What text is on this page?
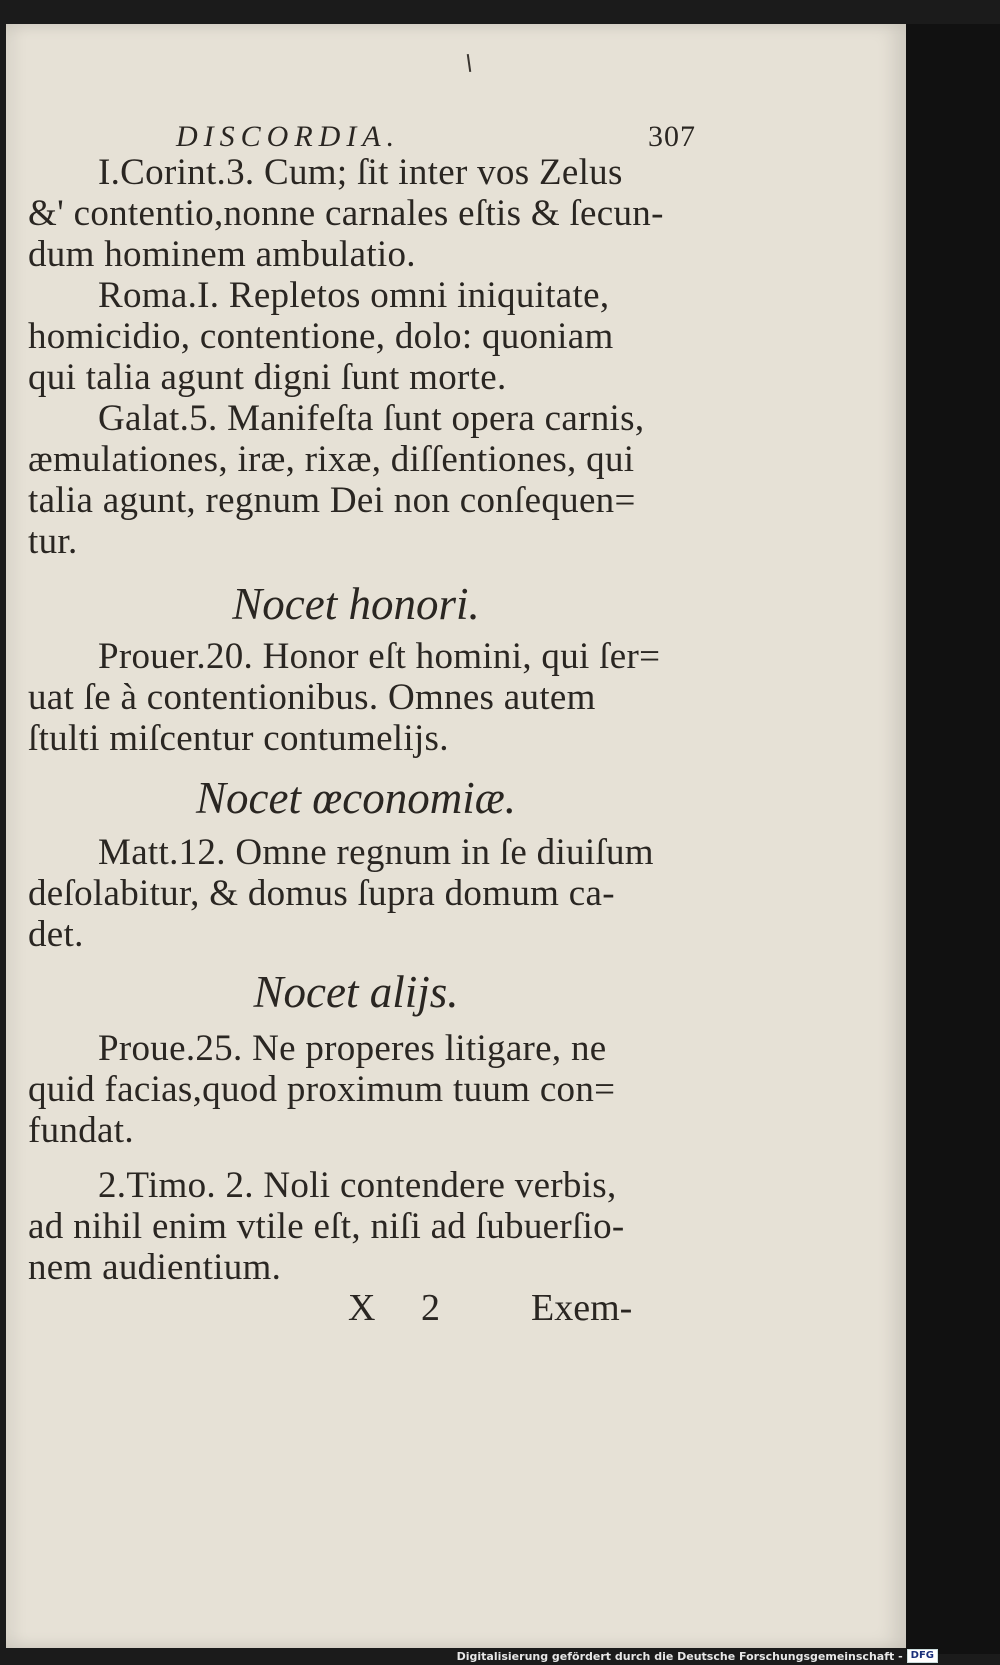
DISCORDIA.	307

I.Corint.3. Cum; ſit inter vos Zelus
&' contentio,nonne carnales eſtis & ſecun-
dum hominem ambulatio.

Roma.I. Repletos omni iniquitate,
homicidio, contentione, dolo: quoniam
qui talia agunt digni ſunt morte.

Galat.5. Manifeſta ſunt opera carnis,
æmulationes, iræ, rixæ, diſſentiones, qui
talia agunt, regnum Dei non conſequen=
tur.

Nocet honori.

Prouer.20. Honor eſt homini, qui ſer=
uat ſe à contentionibus. Omnes autem
ſtulti miſcentur contumelijs.

Nocet œconomiæ.

Matt.12. Omne regnum in ſe diuiſum
deſolabitur, & domus ſupra domum ca-
det.

Nocet alijs.

Proue.25. Ne properes litigare, ne
quid facias,quod proximum tuum con=
fundat.

2.Timo. 2. Noli contendere verbis,
ad nihil enim vtile eſt, niſi ad ſubuerſio-
nem audientium.

X 2 Exem-
Digitalisierung gefördert durch die Deutsche Forschungsgemeinschaft - DFG
